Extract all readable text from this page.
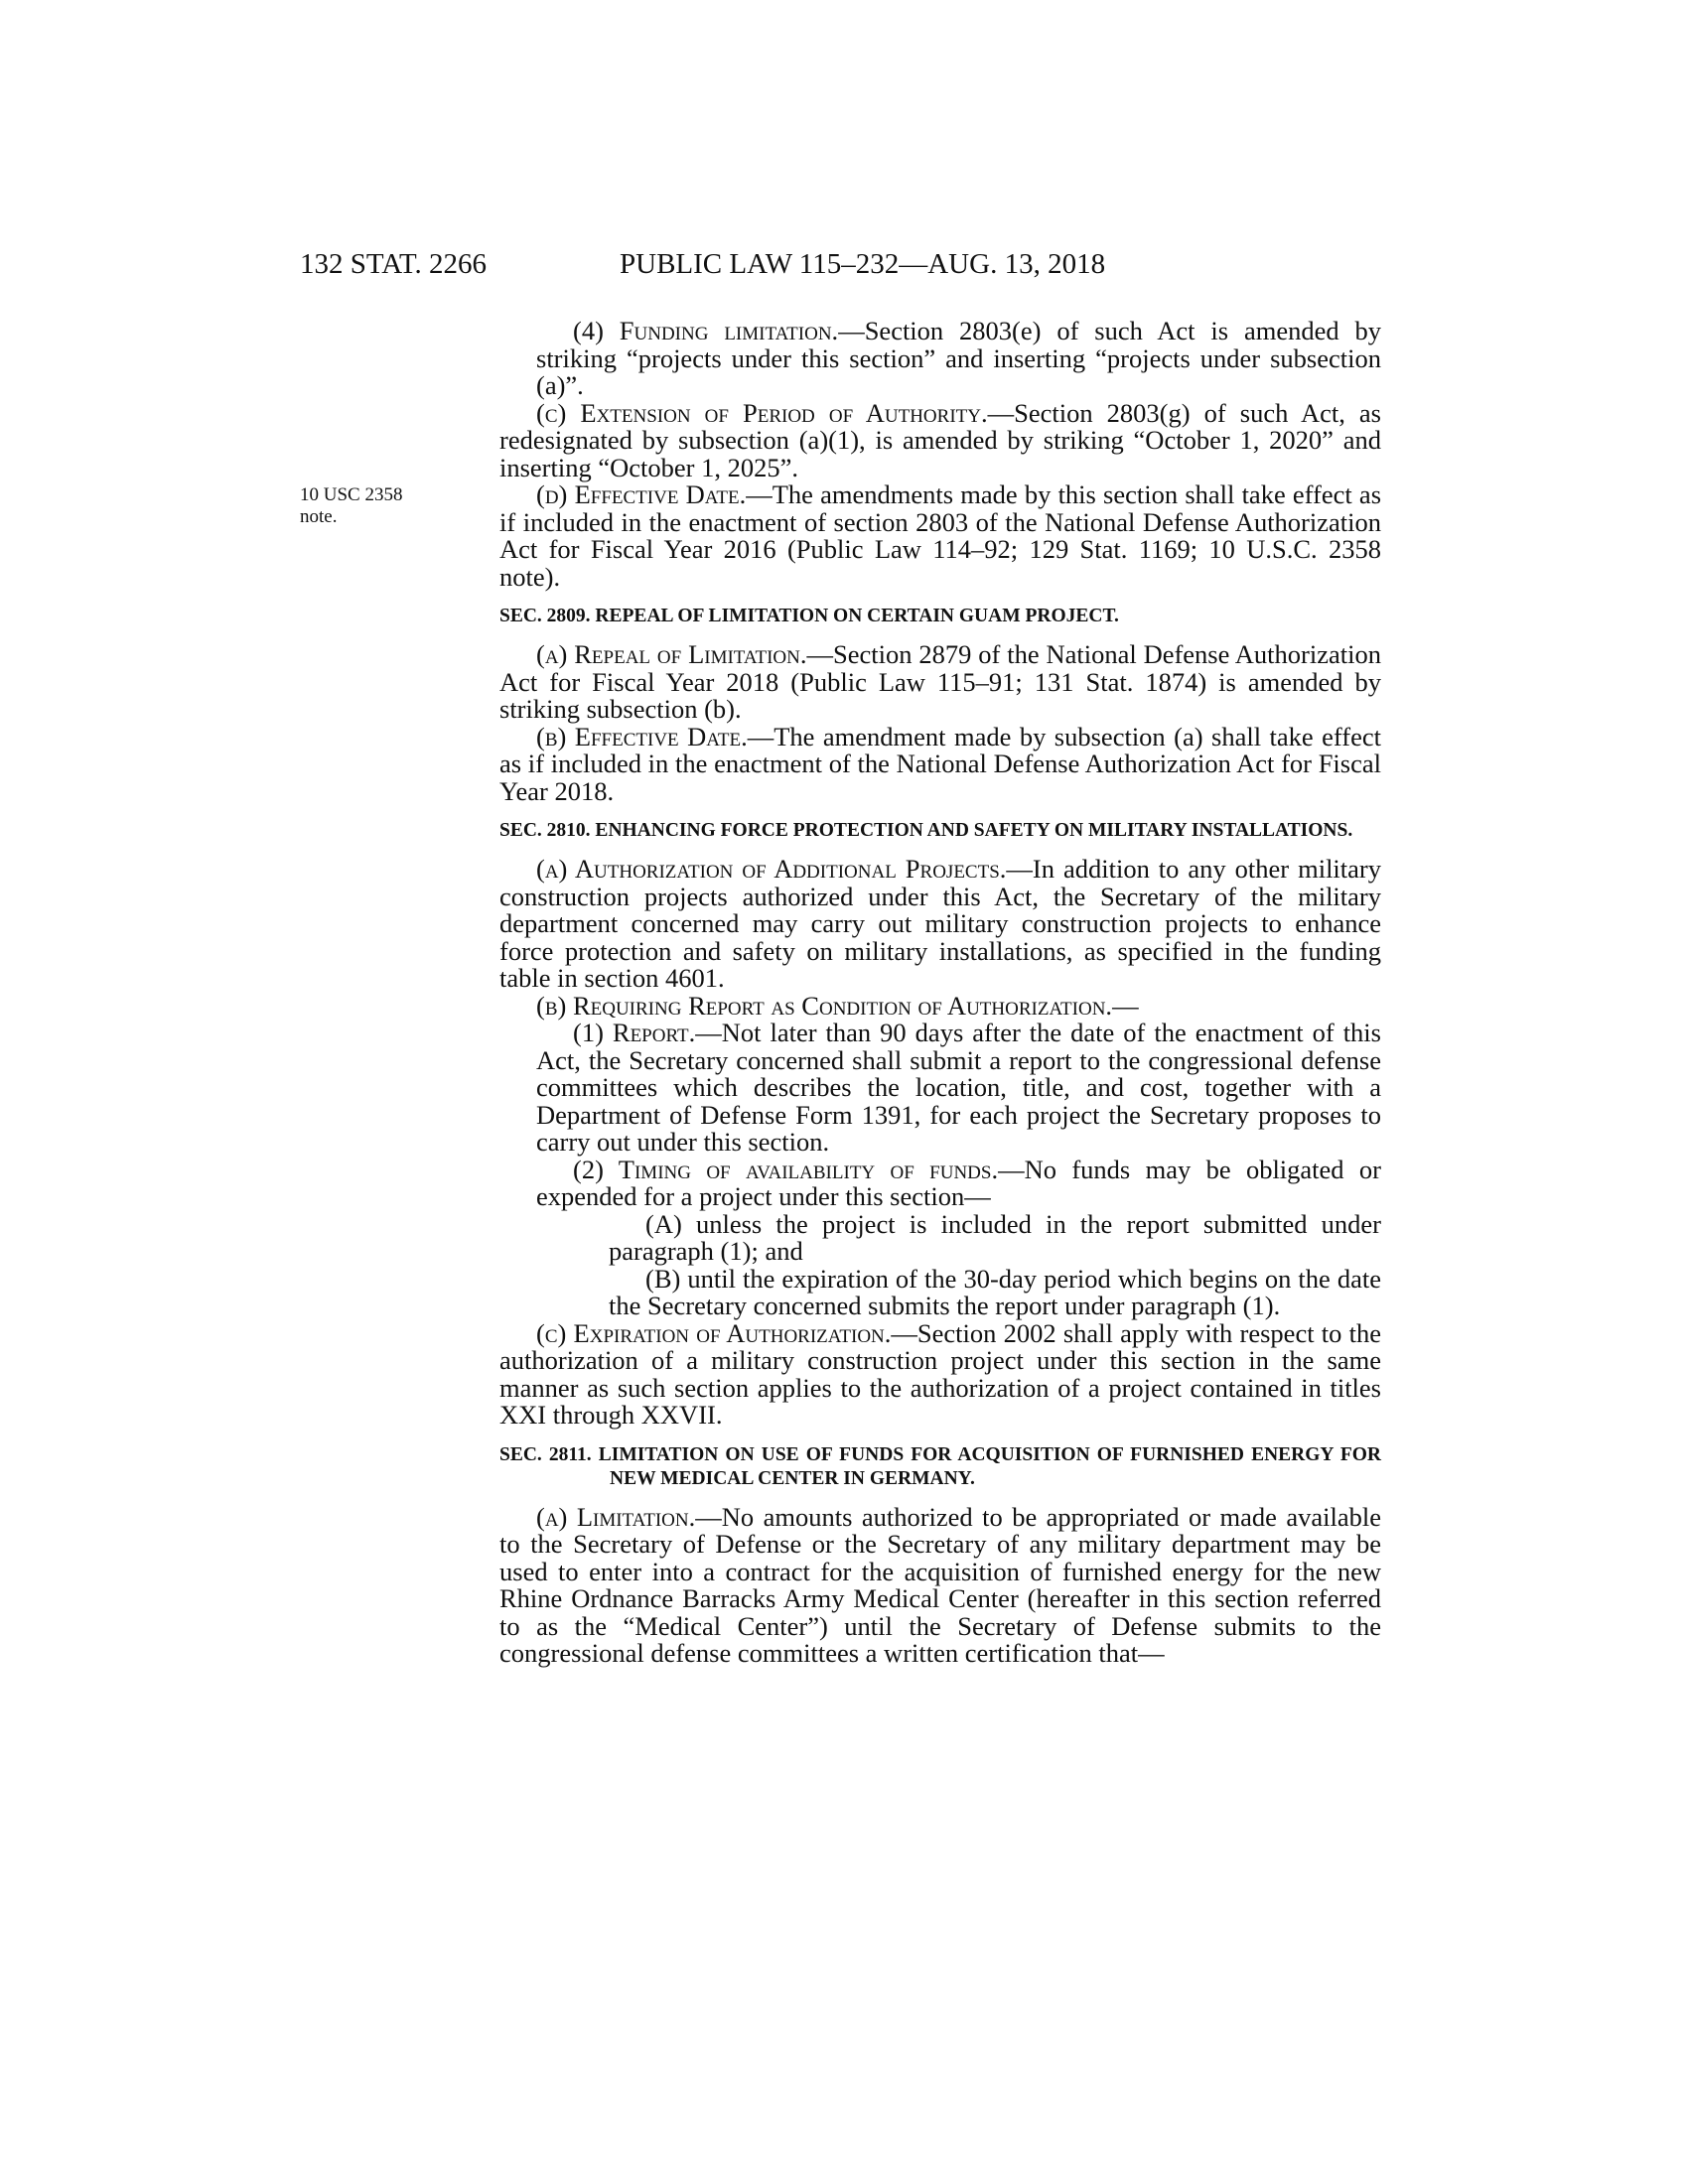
132 STAT. 2266	PUBLIC LAW 115–232—AUG. 13, 2018
10 USC 2358
note.

(4) Funding limitation.—Section 2803(e) of such Act is amended by striking “projects under this section” and inserting “projects under subsection (a)”.

(c) Extension of Period of Authority.—Section 2803(g) of such Act, as redesignated by subsection (a)(1), is amended by striking “October 1, 2020” and inserting “October 1, 2025”.

(d) Effective Date.—The amendments made by this section shall take effect as if included in the enactment of section 2803 of the National Defense Authorization Act for Fiscal Year 2016 (Public Law 114–92; 129 Stat. 1169; 10 U.S.C. 2358 note).

SEC. 2809. REPEAL OF LIMITATION ON CERTAIN GUAM PROJECT.

(a) Repeal of Limitation.—Section 2879 of the National Defense Authorization Act for Fiscal Year 2018 (Public Law 115–91; 131 Stat. 1874) is amended by striking subsection (b).

(b) Effective Date.—The amendment made by subsection (a) shall take effect as if included in the enactment of the National Defense Authorization Act for Fiscal Year 2018.

SEC. 2810. ENHANCING FORCE PROTECTION AND SAFETY ON MILITARY INSTALLATIONS.

(a) Authorization of Additional Projects.—In addition to any other military construction projects authorized under this Act, the Secretary of the military department concerned may carry out military construction projects to enhance force protection and safety on military installations, as specified in the funding table in section 4601.

(b) Requiring Report as Condition of Authorization.—

(1) Report.—Not later than 90 days after the date of the enactment of this Act, the Secretary concerned shall submit a report to the congressional defense committees which describes the location, title, and cost, together with a Department of Defense Form 1391, for each project the Secretary proposes to carry out under this section.

(2) Timing of availability of funds.—No funds may be obligated or expended for a project under this section—

(A) unless the project is included in the report submitted under paragraph (1); and

(B) until the expiration of the 30-day period which begins on the date the Secretary concerned submits the report under paragraph (1).

(c) Expiration of Authorization.—Section 2002 shall apply with respect to the authorization of a military construction project under this section in the same manner as such section applies to the authorization of a project contained in titles XXI through XXVII.

SEC. 2811. LIMITATION ON USE OF FUNDS FOR ACQUISITION OF FURNISHED ENERGY FOR NEW MEDICAL CENTER IN GERMANY.

(a) Limitation.—No amounts authorized to be appropriated or made available to the Secretary of Defense or the Secretary of any military department may be used to enter into a contract for the acquisition of furnished energy for the new Rhine Ordnance Barracks Army Medical Center (hereafter in this section referred to as the “Medical Center”) until the Secretary of Defense submits to the congressional defense committees a written certification that—
